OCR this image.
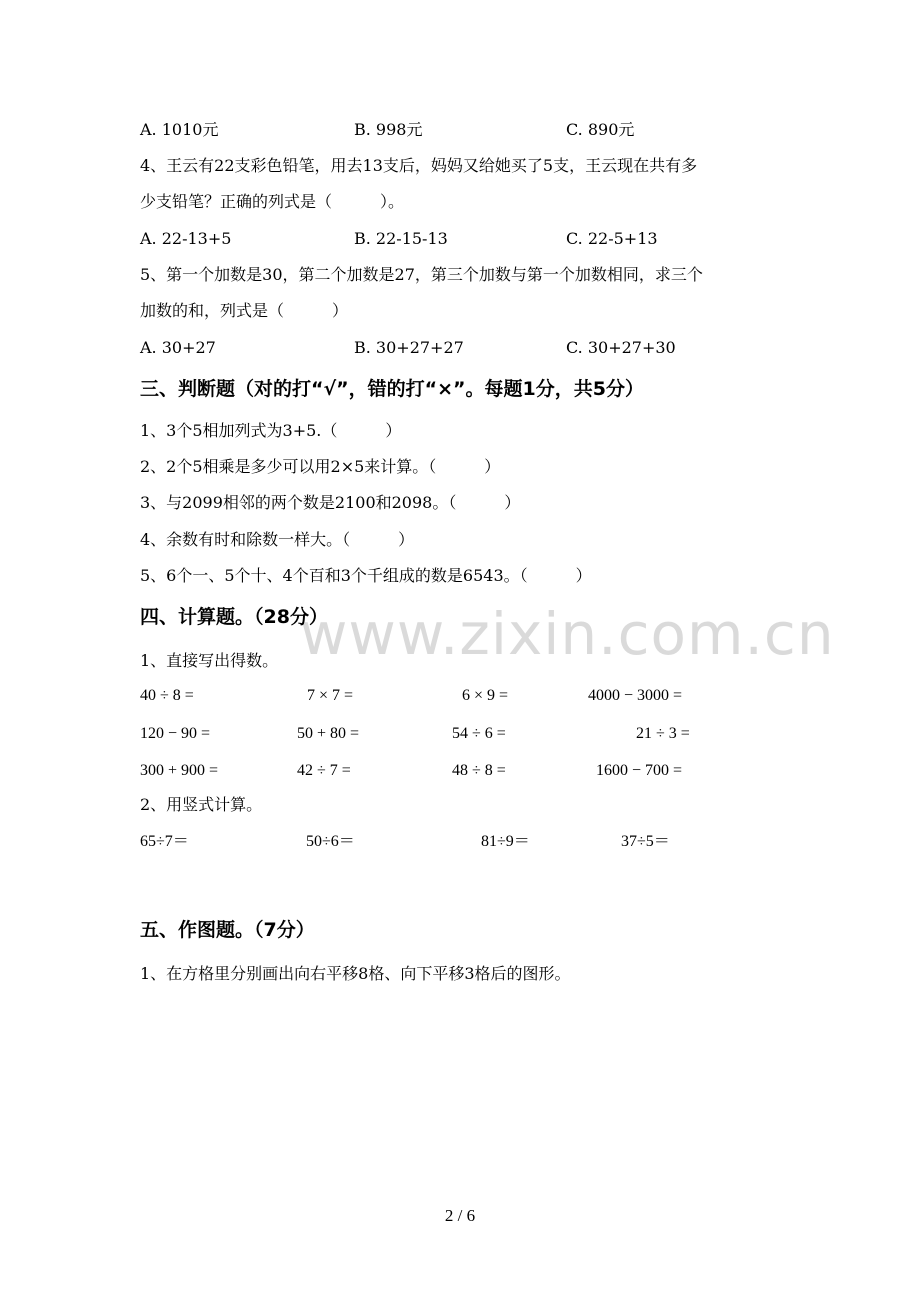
www.zixin.com.cn
A. 1010元	B. 998元	C. 890元
4、王云有22支彩色铅笔，用去13支后，妈妈又给她买了5支，王云现在共有多
少支铅笔？正确的列式是（　　　）。
A. 22-13+5	B. 22-15-13	C. 22-5+13
5、第一个加数是30，第二个加数是27，第三个加数与第一个加数相同，求三个
加数的和，列式是（　　　）
A. 30+27	B. 30+27+27	C. 30+27+30
三、判断题（对的打“√”，错的打“×”。每题1分，共5分）
1、3个5相加列式为3+5.（　　　）
2、2个5相乘是多少可以用2×5来计算。（　　　）
3、与2099相邻的两个数是2100和2098。（　　　）
4、余数有时和除数一样大。（　　　）
5、6个一、5个十、4个百和3个千组成的数是6543。（　　　）
四、计算题。（28分）
1、直接写出得数。
40 ÷ 8 =	7 × 7 =	6 × 9 =	4000 − 3000 =
120 − 90 =	50 + 80 =	54 ÷ 6 =	21 ÷ 3 =
300 + 900 =	42 ÷ 7 =	48 ÷ 8 =	1600 − 700 =
2、用竖式计算。
65÷7＝	50÷6＝	81÷9＝	37÷5＝
五、作图题。（7分）
1、在方格里分别画出向右平移8格、向下平移3格后的图形。
2 / 6
